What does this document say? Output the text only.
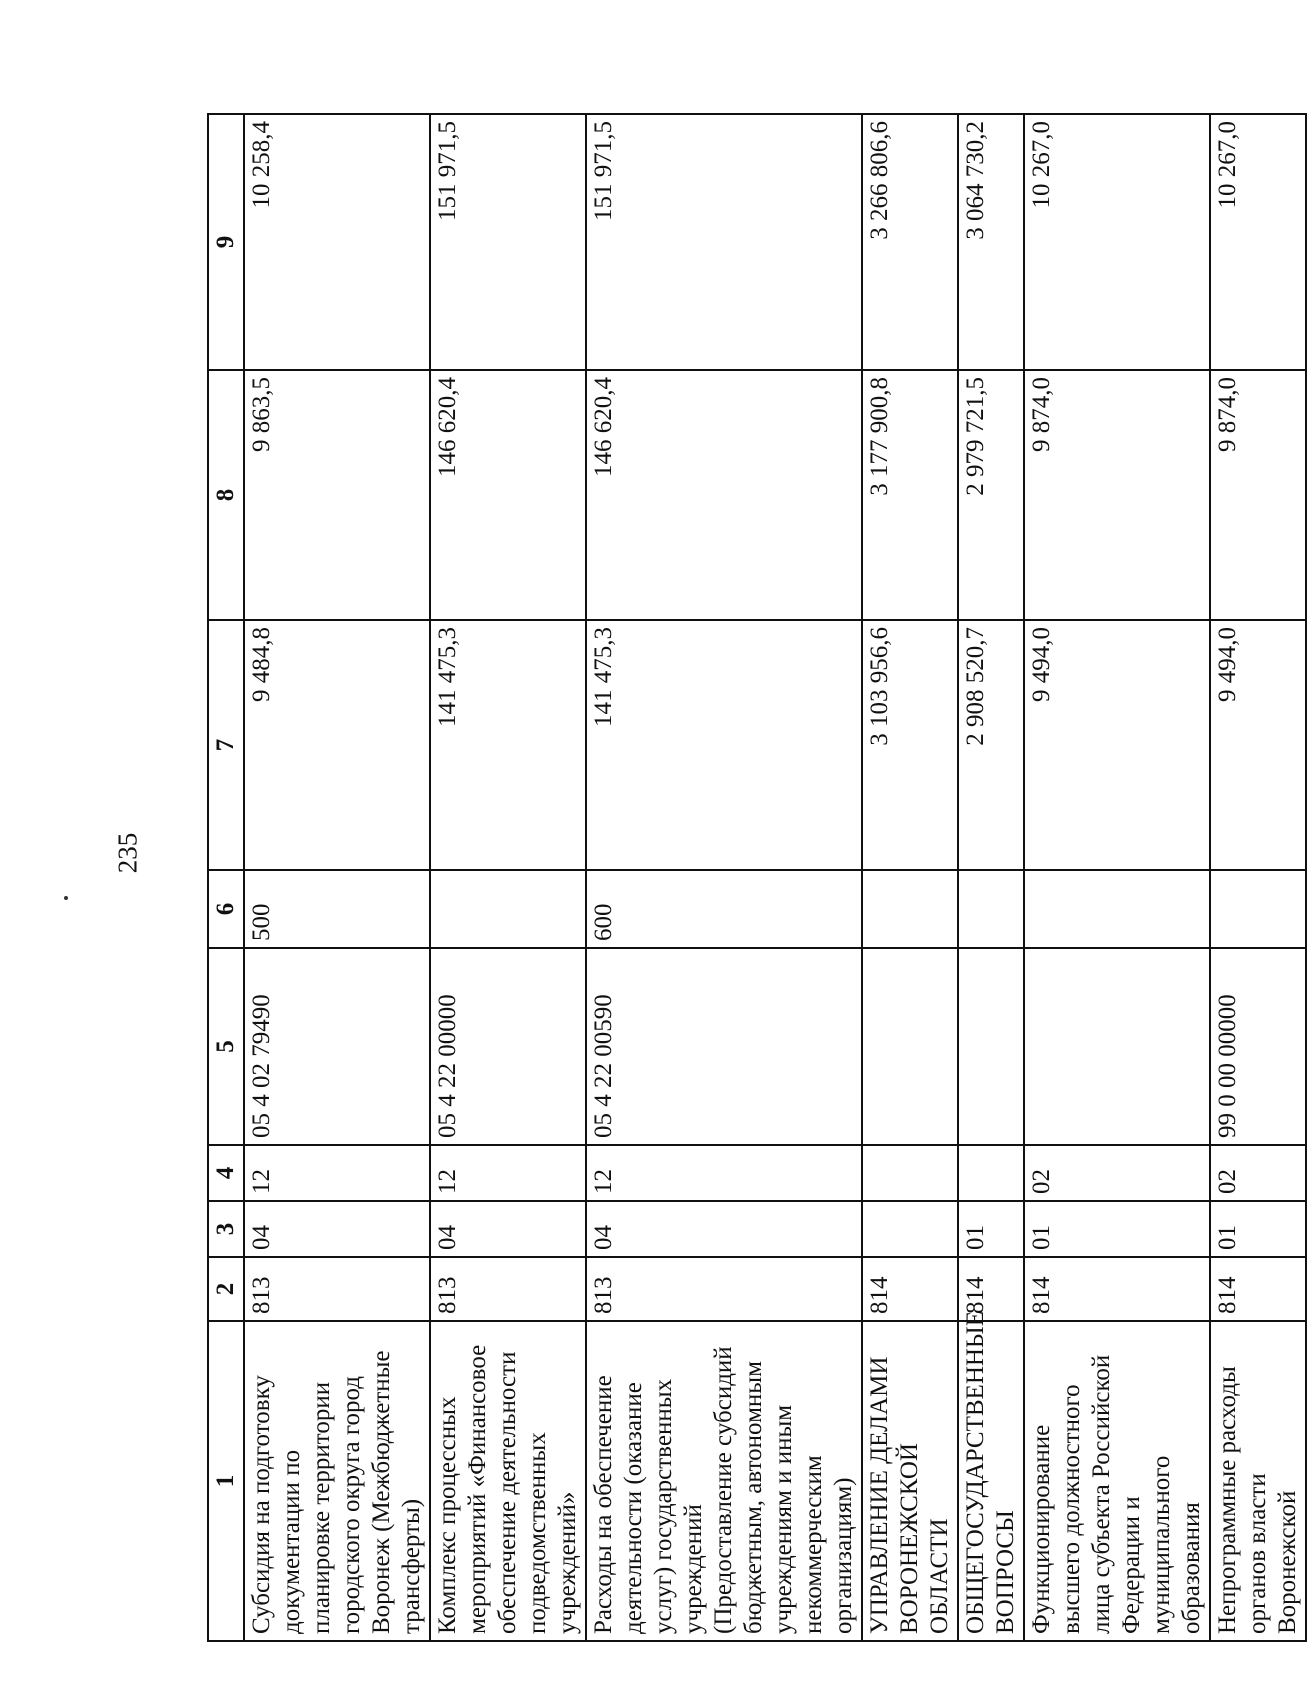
235
1	2	3	4	5	6	7	8	9
Субсидия на подготовку документации по планировке территории городского округа город Воронеж (Межбюджетные трансферты)	813	04	12	05 4 02 79490	500	9 484,8	9 863,5	10 258,4
Комплекс процессных мероприятий «Финансовое обеспечение деятельности подведомственных учреждений»	813	04	12	05 4 22 00000		141 475,3	146 620,4	151 971,5
Расходы на обеспечение деятельности (оказание услуг) государственных учреждений (Предоставление субсидий бюджетным, автономным учреждениям и иным некоммерческим организациям)	813	04	12	05 4 22 00590	600	141 475,3	146 620,4	151 971,5
УПРАВЛЕНИЕ ДЕЛАМИ ВОРОНЕЖСКОЙ ОБЛАСТИ	814					3 103 956,6	3 177 900,8	3 266 806,6
ОБЩЕГОСУДАРСТВЕННЫЕ ВОПРОСЫ	814	01				2 908 520,7	2 979 721,5	3 064 730,2
Функционирование высшего должностного лица субъекта Российской Федерации и муниципального образования	814	01	02			9 494,0	9 874,0	10 267,0
Непрограммные расходы органов власти Воронежской	814	01	02	99 0 00 00000		9 494,0	9 874,0	10 267,0
